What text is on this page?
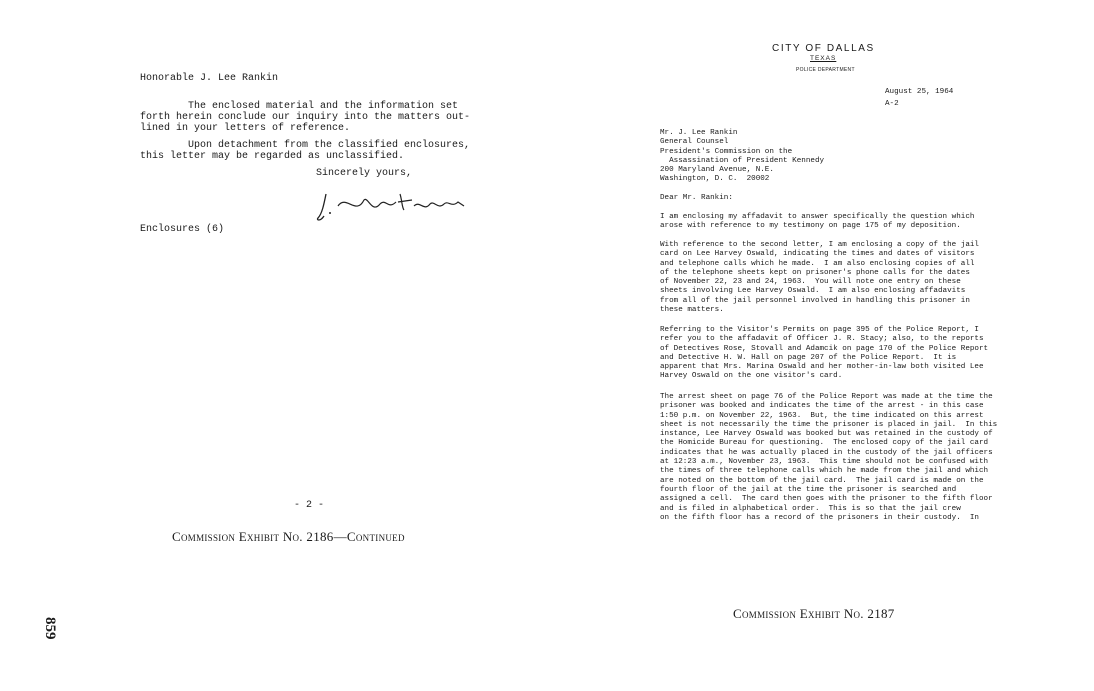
Honorable J. Lee Rankin
The enclosed material and the information set
forth herein conclude our inquiry into the matters out-
lined in your letters of reference.
Upon detachment from the classified enclosures,
this letter may be regarded as unclassified.
Sincerely yours,
Enclosures (6)
- 2 -
Commission Exhibit No. 2186—Continued
CITY OF DALLAS
TEXAS
POLICE DEPARTMENT
August 25, 1964
A-2
Mr. J. Lee Rankin
General Counsel
President's Commission on the
Assassination of President Kennedy
200 Maryland Avenue, N.E.
Washington, D. C.  20002
Dear Mr. Rankin:
I am enclosing my affadavit to answer specifically the question which
arose with reference to my testimony on page 175 of my deposition.
With reference to the second letter, I am enclosing a copy of the jail
card on Lee Harvey Oswald, indicating the times and dates of visitors
and telephone calls which he made.  I am also enclosing copies of all
of the telephone sheets kept on prisoner's phone calls for the dates
of November 22, 23 and 24, 1963.  You will note one entry on these
sheets involving Lee Harvey Oswald.  I am also enclosing affadavits
from all of the jail personnel involved in handling this prisoner in
these matters.
Referring to the Visitor's Permits on page 395 of the Police Report, I
refer you to the affadavit of Officer J. R. Stacy; also, to the reports
of Detectives Rose, Stovall and Adamcik on page 170 of the Police Report
and Detective H. W. Hall on page 207 of the Police Report.  It is
apparent that Mrs. Marina Oswald and her mother-in-law both visited Lee
Harvey Oswald on the one visitor's card.
The arrest sheet on page 76 of the Police Report was made at the time the
prisoner was booked and indicates the time of the arrest - in this case
1:50 p.m. on November 22, 1963.  But, the time indicated on this arrest
sheet is not necessarily the time the prisoner is placed in jail.  In this
instance, Lee Harvey Oswald was booked but was retained in the custody of
the Homicide Bureau for questioning.  The enclosed copy of the jail card
indicates that he was actually placed in the custody of the jail officers
at 12:23 a.m., November 23, 1963.  This time should not be confused with
the times of three telephone calls which he made from the jail and which
are noted on the bottom of the jail card.  The jail card is made on the
fourth floor of the jail at the time the prisoner is searched and
assigned a cell.  The card then goes with the prisoner to the fifth floor
and is filed in alphabetical order.  This is so that the jail crew
on the fifth floor has a record of the prisoners in their custody.  In
Commission Exhibit No. 2187
859
